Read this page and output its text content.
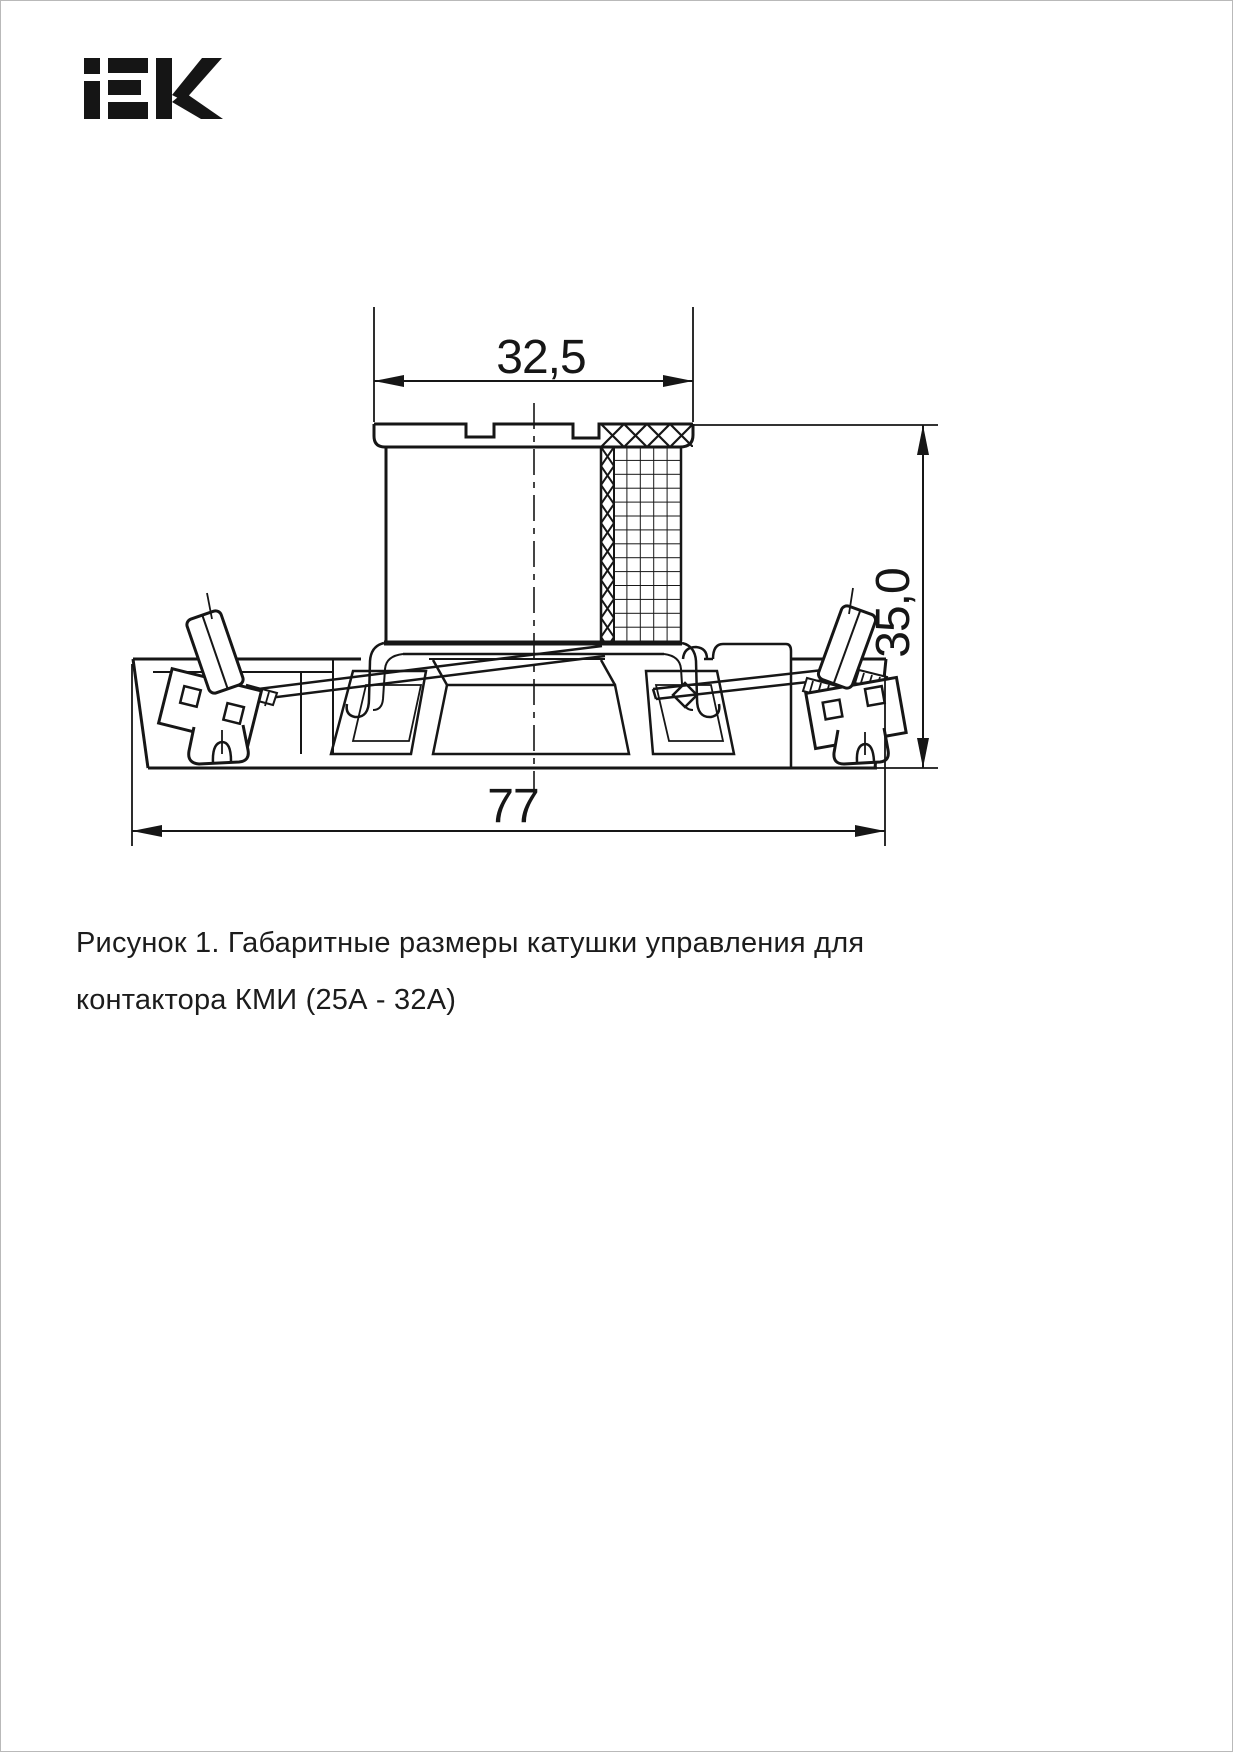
32,5
35,0
77
Рисунок 1. Габаритные размеры катушки управления для
контактора КМИ (25А - 32А)
